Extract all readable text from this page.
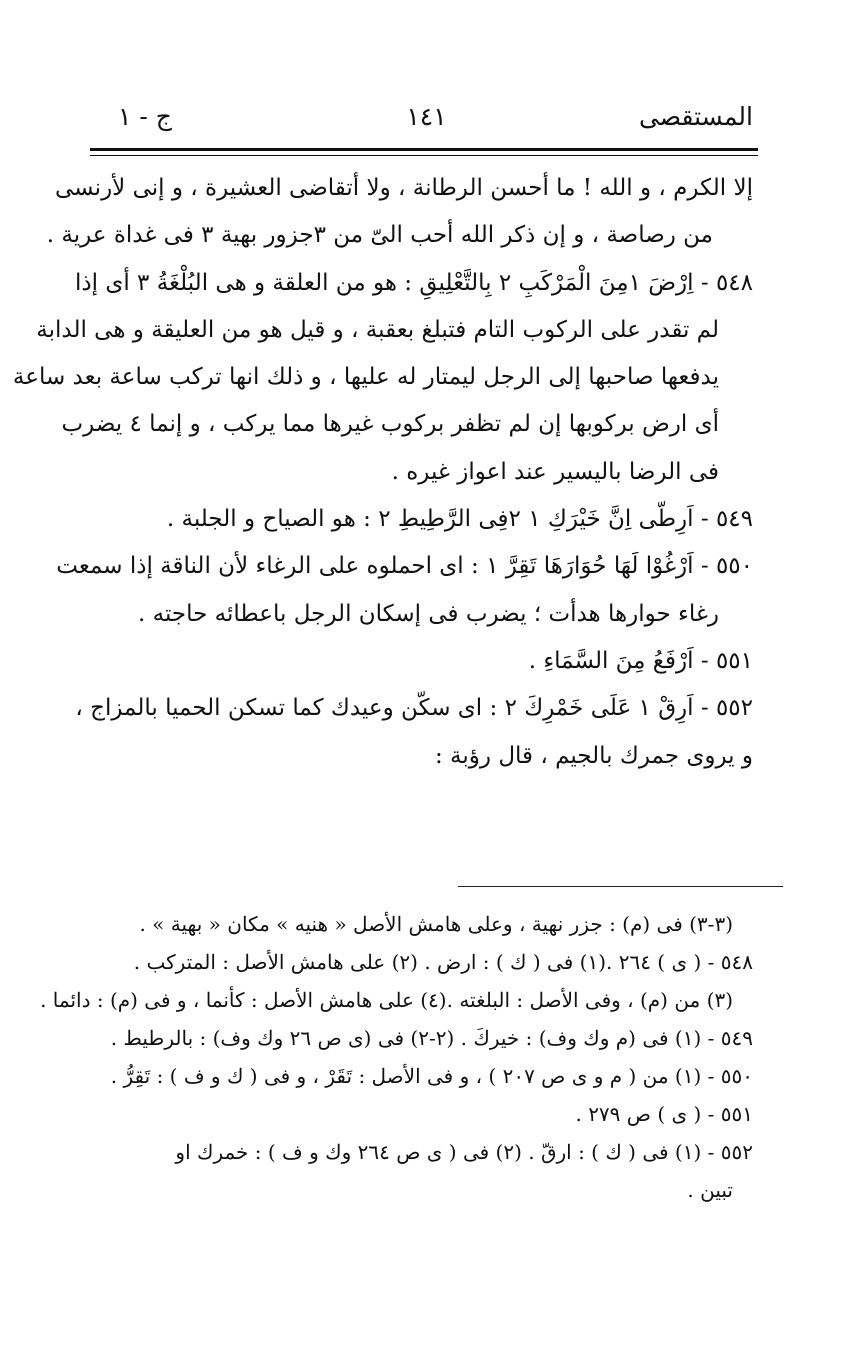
ج - ١	١٤١	المستقصى
إلا الكرم ، و الله ! ما أحسن الرطانة ، ولا أتقاضى العشيرة ، و إنى لأرنسى
من رصاصة ، و إن ذكر الله أحب الىّ من ٣جزور بهية ٣ فى غداة عرية .
٥٤٨ - اِرْضَ ١مِنَ الْمَرْكَبِ ٢ بِالتَّعْلِيقِ : هو من العلقة و هى البُلْغَةُ ٣ أى إذا
لم تقدر على الركوب التام فتبلغ بعقبة ، و قيل هو من العليقة و هى الدابة
يدفعها صاحبها إلى الرجل ليمتار له عليها ، و ذلك انها تركب ساعة بعد ساعة
أى ارض بركوبها إن لم تظفر بركوب غيرها مما يركب ، و إنما ٤ يضرب
فى الرضا باليسير عند اعواز غيره .
٥٤٩ - اَرِطّى اِنَّ خَيْرَكِ ١ ٢فِى الرَّطِيطِ ٢ : هو الصياح و الجلبة .
٥٥٠ - اَرْغُوْا لَهَا حُوَارَهَا تَقِرَّ ١ : اى احملوه على الرغاء لأن الناقة إذا سمعت
رغاء حوارها هدأت ؛ يضرب فى إسكان الرجل باعطائه حاجته .
٥٥١ - اَرْفَعُ مِنَ السَّمَاءِ .
٥٥٢ - اَرِقْ ١ عَلَى خَمْرِكَ ٢ : اى سكّن وعيدك كما تسكن الحميا بالمزاج ،
و يروى جمرك بالجيم ، قال رؤبة :
(٣-٣) فى (م) : جزر نهية ، وعلى هامش الأصل « هنيه » مكان « بهية » .
٥٤٨ - ( ى ) ٢٦٤ .(١) فى ( ك ) : ارض . (٢) على هامش الأصل : المتركب .
(٣) من (م) ، وفى الأصل : البلغته .(٤) على هامش الأصل : كأنما ، و فى (م) : دائما .
٥٤٩ - (١) فى (م وك وف) : خيركَ . (٢-٢) فى (ى ص ٢٦ وك وف) : بالرطيط .
٥٥٠ - (١) من ( م و ى ص ٢٠٧ ) ، و فى الأصل : تَقَرْ ، و فى ( ك و ف ) : تَقِرُّ .
٥٥١ - ( ى ) ص ٢٧٩ .
٥٥٢ - (١) فى ( ك ) : ارقّ . (٢) فى ( ى ص ٢٦٤ وك و ف ) : خمرك او
تبين .
